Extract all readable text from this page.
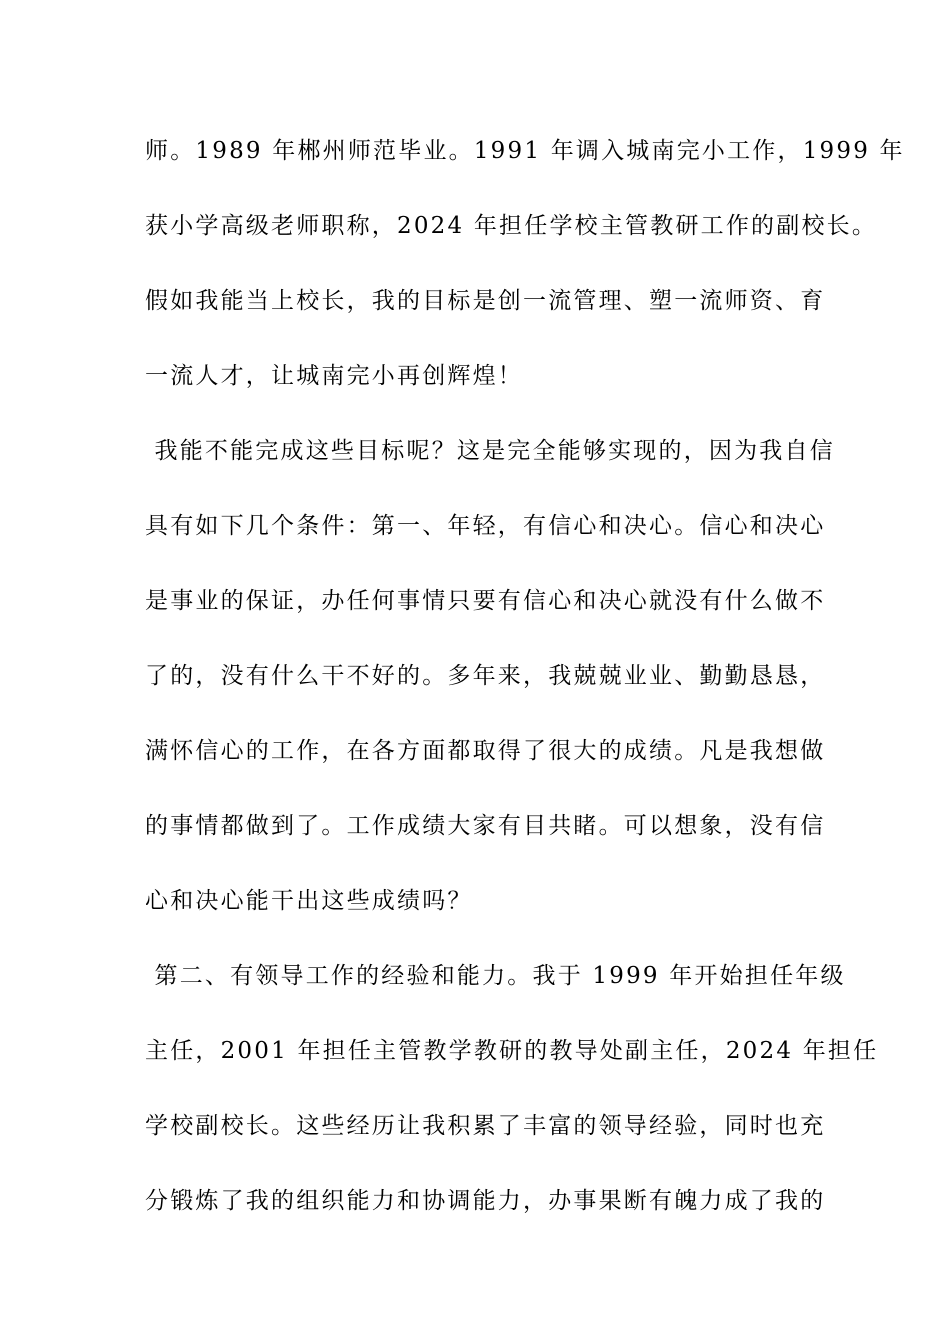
师。1989 年郴州师范毕业。1991 年调入城南完小工作，1999 年
获小学高级老师职称，2024 年担任学校主管教研工作的副校长。
假如我能当上校长，我的目标是创一流管理、塑一流师资、育
一流人才，让城南完小再创辉煌！
我能不能完成这些目标呢？这是完全能够实现的，因为我自信
具有如下几个条件：第一、年轻，有信心和决心。信心和决心
是事业的保证，办任何事情只要有信心和决心就没有什么做不
了的，没有什么干不好的。多年来，我兢兢业业、勤勤恳恳，
满怀信心的工作，在各方面都取得了很大的成绩。凡是我想做
的事情都做到了。工作成绩大家有目共睹。可以想象，没有信
心和决心能干出这些成绩吗？
第二、有领导工作的经验和能力。我于 1999 年开始担任年级
主任，2001 年担任主管教学教研的教导处副主任，2024 年担任
学校副校长。这些经历让我积累了丰富的领导经验，同时也充
分锻炼了我的组织能力和协调能力，办事果断有魄力成了我的
